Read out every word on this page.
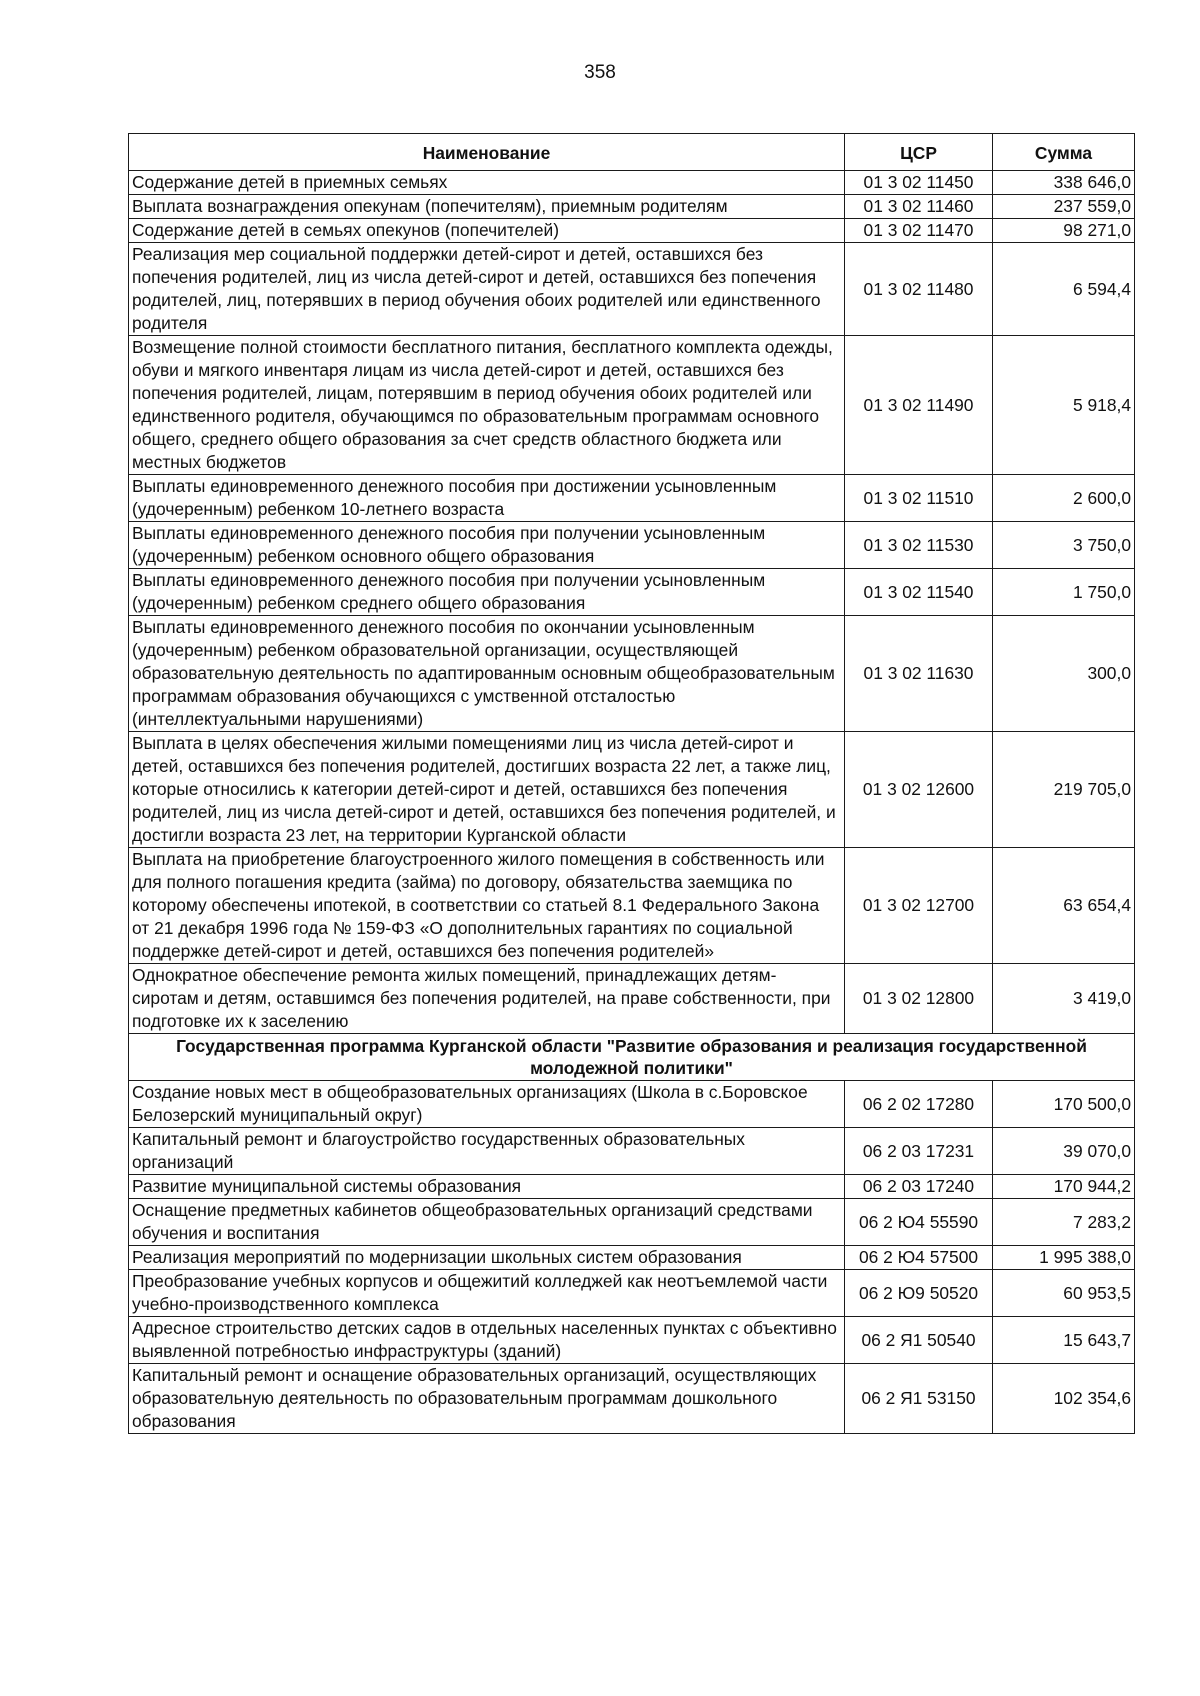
358
Наименование	ЦСР	Сумма
Содержание детей в приемных семьях	01 3 02 11450	338 646,0
Выплата вознаграждения опекунам (попечителям), приемным родителям	01 3 02 11460	237 559,0
Содержание детей в семьях опекунов (попечителей)	01 3 02 11470	98 271,0
Реализация мер социальной поддержки детей-сирот и детей, оставшихся без попечения родителей, лиц из числа детей-сирот и детей, оставшихся без попечения родителей, лиц, потерявших в период обучения обоих родителей или единственного родителя	01 3 02 11480	6 594,4
Возмещение полной стоимости бесплатного питания, бесплатного комплекта одежды, обуви и мягкого инвентаря лицам из числа детей-сирот и детей, оставшихся без попечения родителей, лицам, потерявшим в период обучения обоих родителей или единственного родителя, обучающимся по образовательным программам основного общего, среднего общего образования за счет средств областного бюджета или местных бюджетов	01 3 02 11490	5 918,4
Выплаты единовременного денежного пособия при достижении усыновленным (удочеренным) ребенком 10-летнего возраста	01 3 02 11510	2 600,0
Выплаты единовременного денежного пособия при получении усыновленным (удочеренным) ребенком основного общего образования	01 3 02 11530	3 750,0
Выплаты единовременного денежного пособия при получении усыновленным (удочеренным) ребенком среднего общего образования	01 3 02 11540	1 750,0
Выплаты единовременного денежного пособия по окончании усыновленным (удочеренным) ребенком образовательной организации, осуществляющей образовательную деятельность по адаптированным основным общеобразовательным программам образования обучающихся с умственной отсталостью (интеллектуальными нарушениями)	01 3 02 11630	300,0
Выплата в целях обеспечения жилыми помещениями лиц из числа детей-сирот и детей, оставшихся без попечения родителей, достигших возраста 22 лет, а также лиц, которые относились к категории детей-сирот и детей, оставшихся без попечения родителей, лиц из числа детей-сирот и детей, оставшихся без попечения родителей, и достигли возраста 23 лет, на территории Курганской области	01 3 02 12600	219 705,0
Выплата на приобретение благоустроенного жилого помещения в собственность или для полного погашения кредита (займа) по договору, обязательства заемщика по которому обеспечены ипотекой, в соответствии со статьей 8.1 Федерального Закона от 21 декабря 1996 года № 159-ФЗ «О дополнительных гарантиях по социальной поддержке детей-сирот и детей, оставшихся без попечения родителей»	01 3 02 12700	63 654,4
Однократное обеспечение ремонта жилых помещений, принадлежащих детям-сиротам и детям, оставшимся без попечения родителей, на праве собственности, при подготовке их к заселению	01 3 02 12800	3 419,0
Государственная программа Курганской области "Развитие образования и реализация государственной молодежной политики"		
Создание новых мест в общеобразовательных организациях (Школа в с.Боровское Белозерский муниципальный округ)	06 2 02 17280	170 500,0
Капитальный ремонт и благоустройство государственных образовательных организаций	06 2 03 17231	39 070,0
Развитие муниципальной системы образования	06 2 03 17240	170 944,2
Оснащение предметных кабинетов общеобразовательных организаций средствами обучения и воспитания	06 2 Ю4 55590	7 283,2
Реализация мероприятий по модернизации школьных систем образования	06 2 Ю4 57500	1 995 388,0
Преобразование учебных корпусов и общежитий колледжей как неотъемлемой части учебно-производственного комплекса	06 2 Ю9 50520	60 953,5
Адресное строительство детских садов в отдельных населенных пунктах с объективно выявленной потребностью инфраструктуры (зданий)	06 2 Я1 50540	15 643,7
Капитальный ремонт и оснащение образовательных организаций, осуществляющих образовательную деятельность по образовательным программам дошкольного образования	06 2 Я1 53150	102 354,6
